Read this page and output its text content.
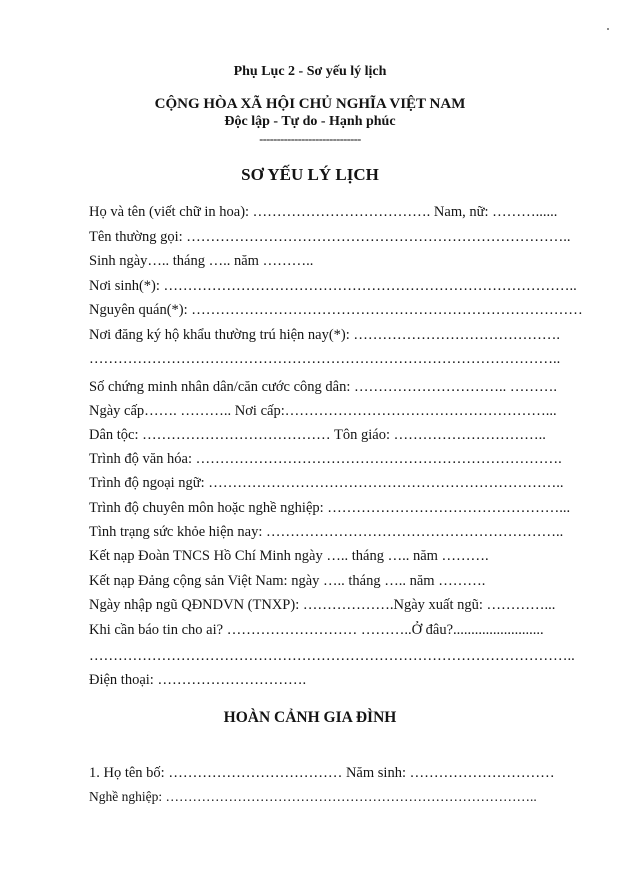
Phụ Lục 2 - Sơ yếu lý lịch
CỘNG HÒA XÃ HỘI CHỦ NGHĨA VIỆT NAM
Độc lập - Tự do - Hạnh phúc
-----------------------------
SƠ YẾU LÝ LỊCH
Họ và tên (viết chữ in hoa): ………………………………. Nam, nữ: ………......
Tên thường gọi: ……………………………………………………………………..
Sinh ngày….. tháng ….. năm ………..
Nơi sinh(*): …………………………………………………………………………..
Nguyên quán(*): ………………………………………………………………………
Nơi đăng ký hộ khẩu thường trú hiện nay(*): …………………………………….
……………………………………………………………………………………..
Số chứng minh nhân dân/căn cước công dân: ………………………….. ……….
Ngày cấp……. ……….. Nơi cấp:………………………………………………...
Dân tộc: ………………………………… Tôn giáo: …………………………..
Trình độ văn hóa: ………………………………………………………………….
Trình độ ngoại ngữ: ………………………………………………………………..
Trình độ chuyên môn hoặc nghề nghiệp: …………………………………………...
Tình trạng sức khỏe hiện nay: ……………………………………………………..
Kết nạp Đoàn TNCS Hồ Chí Minh ngày ….. tháng ….. năm ……….
Kết nạp Đảng cộng sản Việt Nam: ngày ….. tháng ….. năm ……….
Ngày nhập ngũ QĐNDVN (TNXP): ……………….Ngày xuất ngũ: …………...
Khi cần báo tin cho ai? ……………………… ………..Ở đâu?.........................
………………………………………………………………………………………..
Điện thoại: ………………………….
HOÀN CẢNH GIA ĐÌNH
1. Họ tên bố: ……………………………… Năm sinh: …………………………
Nghề nghiệp: ………………………………………………………………………..
